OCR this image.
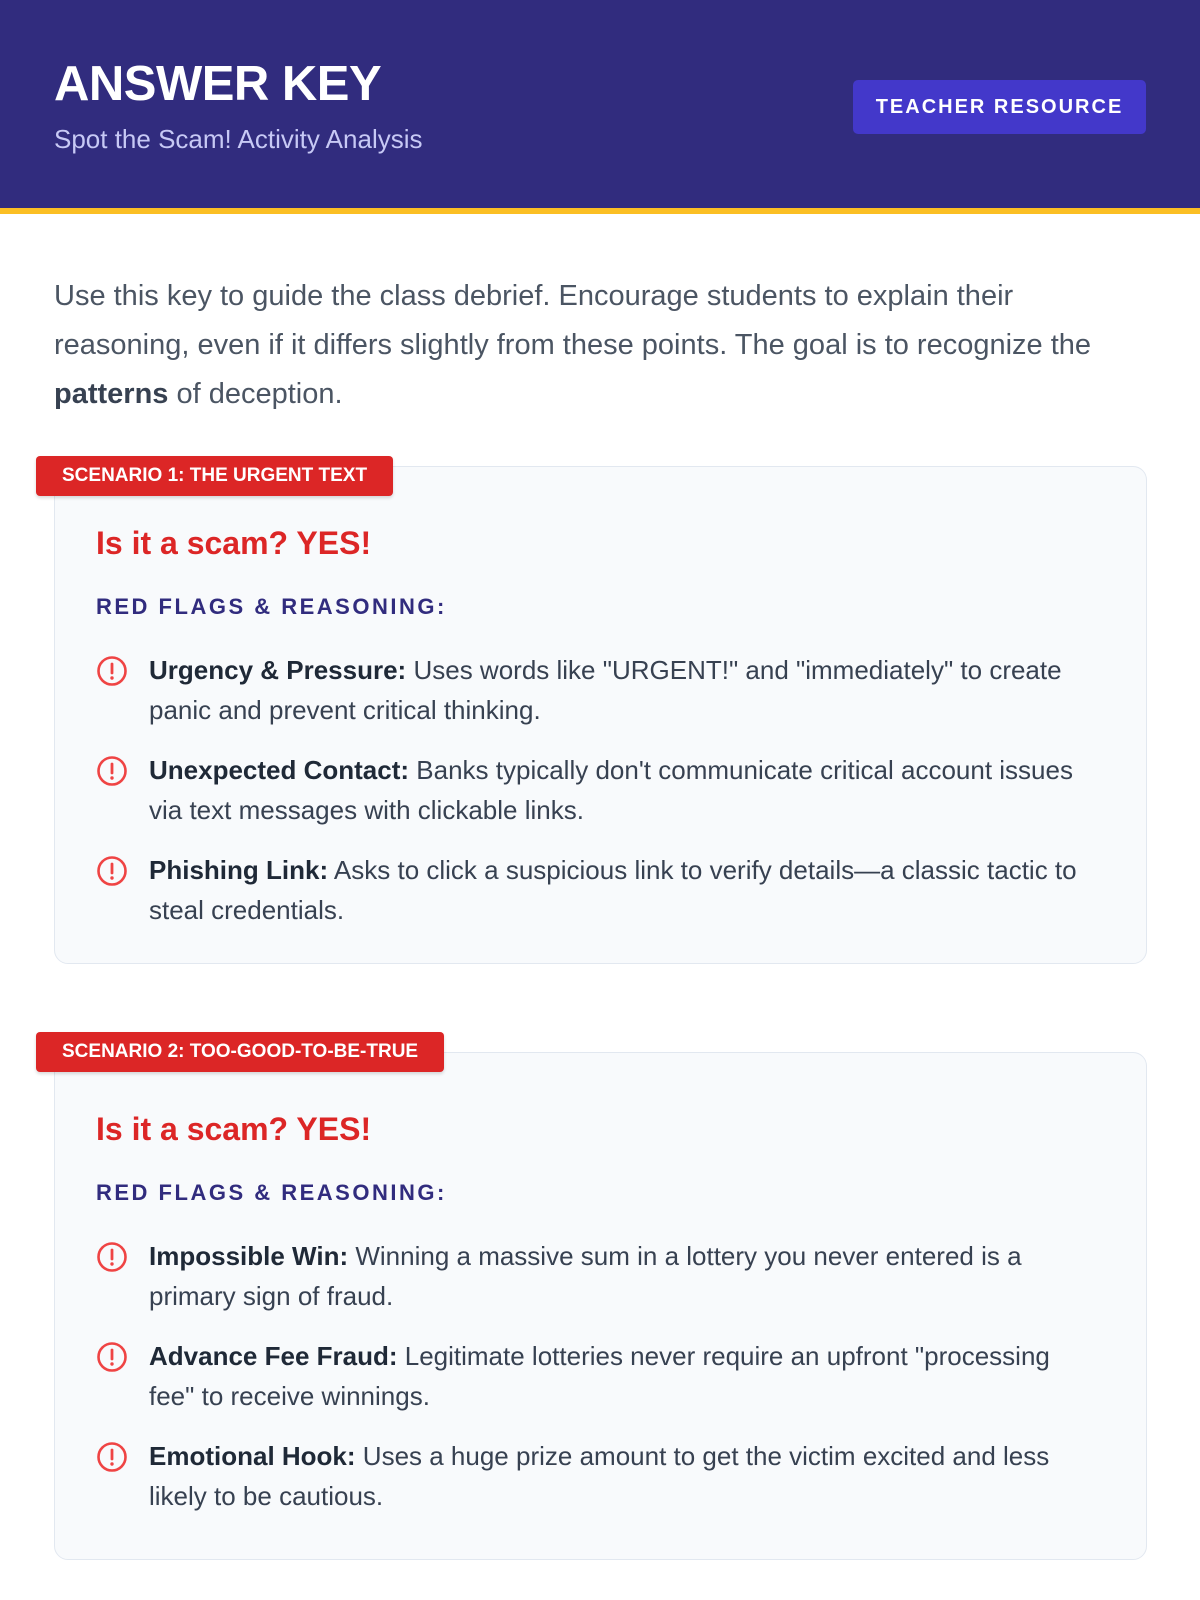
ANSWER KEY
Spot the Scam! Activity Analysis
TEACHER RESOURCE

Use this key to guide the class debrief. Encourage students to explain their reasoning, even if it differs slightly from these points. The goal is to recognize the patterns of deception.

Is it a scam? YES!
RED FLAGS & REASONING:
Urgency & Pressure: Uses words like "URGENT!" and "immediately" to create panic and prevent critical thinking.
Unexpected Contact: Banks typically don't communicate critical account issues via text messages with clickable links.
Phishing Link: Asks to click a suspicious link to verify details—a classic tactic to steal credentials.
SCENARIO 1: THE URGENT TEXT
Is it a scam? YES!
RED FLAGS & REASONING:
Impossible Win: Winning a massive sum in a lottery you never entered is a primary sign of fraud.
Advance Fee Fraud: Legitimate lotteries never require an upfront "processing fee" to receive winnings.
Emotional Hook: Uses a huge prize amount to get the victim excited and less likely to be cautious.
SCENARIO 2: TOO-GOOD-TO-BE-TRUE
